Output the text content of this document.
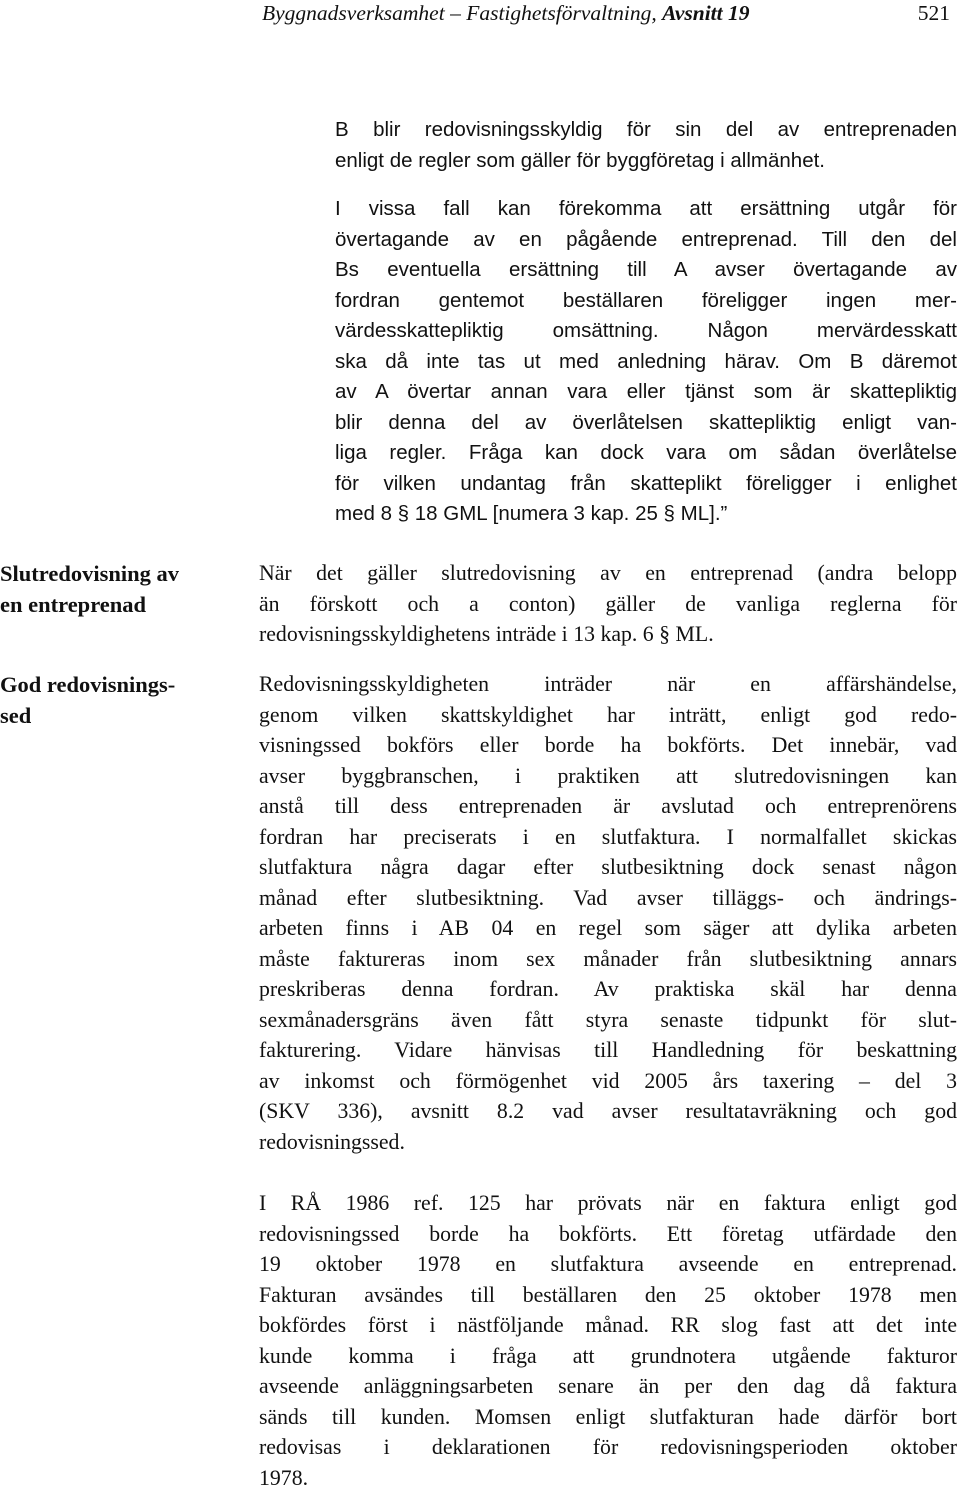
Byggnadsverksamhet – Fastighetsförvaltning, Avsnitt 19	521
B blir redovisningsskyldig för sin del av entreprenaden
enligt de regler som gäller för byggföretag i allmänhet.
I vissa fall kan förekomma att ersättning utgår för
övertagande av en pågående entreprenad. Till den del
Bs eventuella ersättning till A avser övertagande av
fordran gentemot beställaren föreligger ingen mer-
värdesskattepliktig omsättning. Någon mervärdesskatt
ska då inte tas ut med anledning härav. Om B däremot
av A övertar annan vara eller tjänst som är skattepliktig
blir denna del av överlåtelsen skattepliktig enligt van-
liga regler. Fråga kan dock vara om sådan överlåtelse
för vilken undantag från skatteplikt föreligger i enlighet
med 8 § 18 GML [numera 3 kap. 25 § ML].”
Slutredovisning av
en entreprenad
God redovisnings-
sed
När det gäller slutredovisning av en entreprenad (andra belopp
än förskott och a conton) gäller de vanliga reglerna för
redovisningsskyldighetens inträde i 13 kap. 6 § ML.
Redovisningsskyldigheten inträder när en affärshändelse,
genom vilken skattskyldighet har inträtt, enligt god redo-
visningssed bokförs eller borde ha bokförts. Det innebär, vad
avser byggbranschen, i praktiken att slutredovisningen kan
anstå till dess entreprenaden är avslutad och entreprenörens
fordran har preciserats i en slutfaktura. I normalfallet skickas
slutfaktura några dagar efter slutbesiktning dock senast någon
månad efter slutbesiktning. Vad avser tilläggs- och ändrings-
arbeten finns i AB 04 en regel som säger att dylika arbeten
måste faktureras inom sex månader från slutbesiktning annars
preskriberas denna fordran. Av praktiska skäl har denna
sexmånadersgräns även fått styra senaste tidpunkt för slut-
fakturering. Vidare hänvisas till Handledning för beskattning
av inkomst och förmögenhet vid 2005 års taxering – del 3
(SKV 336), avsnitt 8.2 vad avser resultatavräkning och god
redovisningssed.
I RÅ 1986 ref. 125 har prövats när en faktura enligt god
redovisningssed borde ha bokförts. Ett företag utfärdade den
19 oktober 1978 en slutfaktura avseende en entreprenad.
Fakturan avsändes till beställaren den 25 oktober 1978 men
bokfördes först i nästföljande månad. RR slog fast att det inte
kunde komma i fråga att grundnotera utgående fakturor
avseende anläggningsarbeten senare än per den dag då faktura
sänds till kunden. Momsen enligt slutfakturan hade därför bort
redovisas i deklarationen för redovisningsperioden oktober
1978.
